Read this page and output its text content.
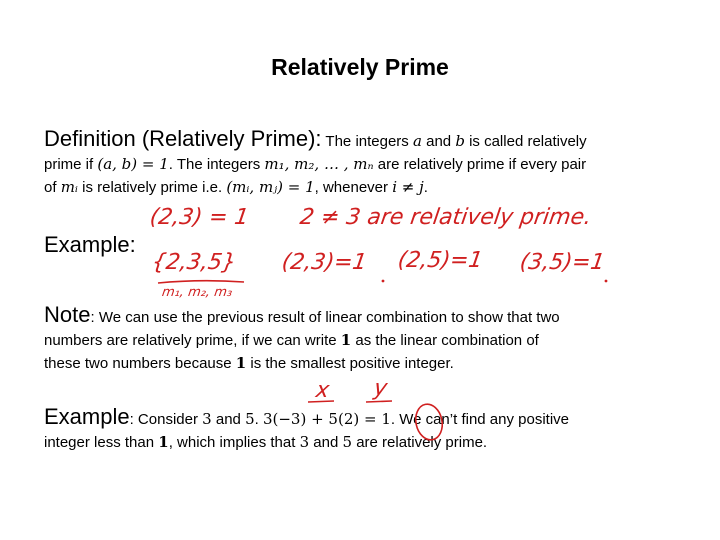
Relatively Prime
Definition (Relatively Prime): The integers a and b is called relatively
prime if (a, b) = 1. The integers m₁, m₂, … , mₙ are relatively prime if every pair
of mᵢ is relatively prime i.e. (mᵢ, mⱼ) = 1, whenever i ≠ j.
Example:
Note: We can use the previous result of linear combination to show that two
numbers are relatively prime, if we can write 1 as the linear combination of
these two numbers because 1 is the smallest positive integer.
Example: Consider 3 and 5. 3(−3) + 5(2) = 1. We can’t find any positive
integer less than 1, which implies that 3 and 5 are relatively prime.
(2,3) = 1 2 ≠ 3 are relatively prime.
{2,3,5} (2,3)=1 (2,5)=1 (3,5)=1
m₁, m₂, m₃
x y
